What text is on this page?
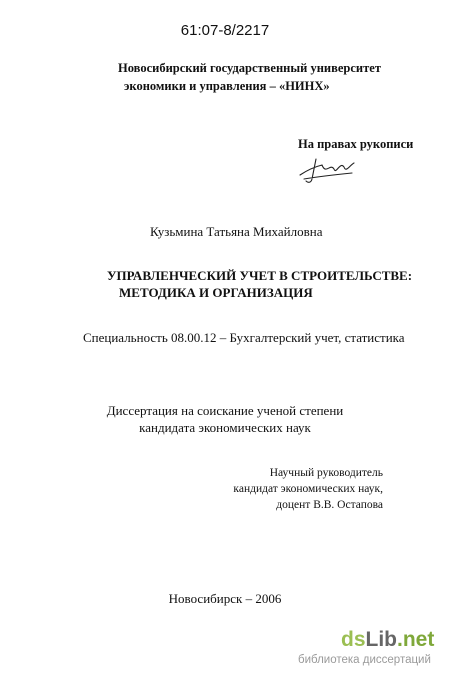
61:07-8/2217
Новосибирский государственный университет
экономики и управления – «НИНХ»
На правах рукописи
Кузьмина Татьяна Михайловна
УПРАВЛЕНЧЕСКИЙ УЧЕТ В СТРОИТЕЛЬСТВЕ:
МЕТОДИКА И ОРГАНИЗАЦИЯ
Специальность 08.00.12 – Бухгалтерский учет, статистика
Диссертация на соискание ученой степени
кандидата экономических наук
Научный руководитель
кандидат экономических наук,
доцент В.В. Остапова
Новосибирск – 2006
dsLib.net
библиотека диссертаций
